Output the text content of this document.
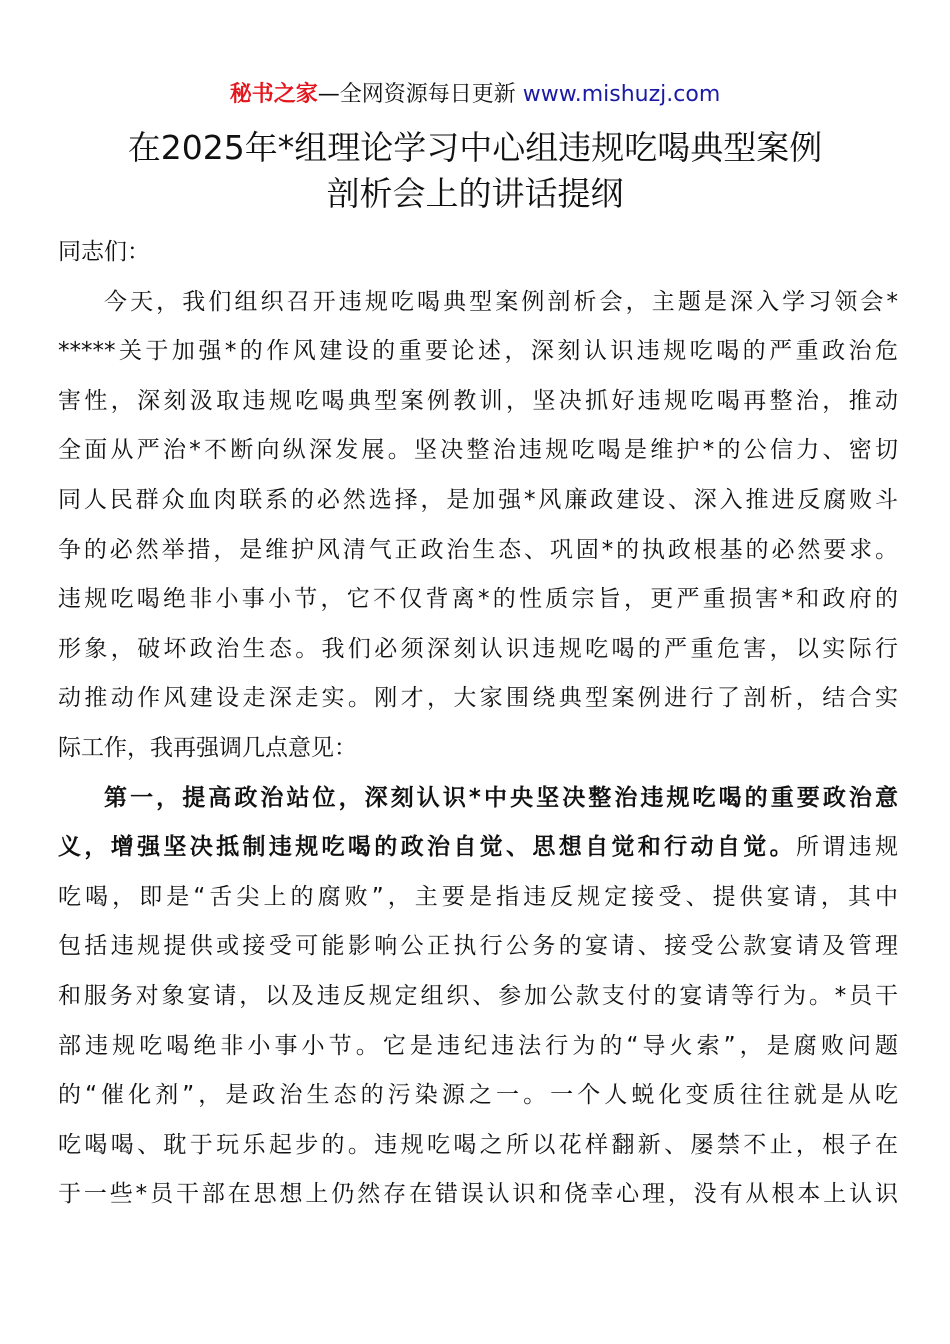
秘书之家—全网资源每日更新 www.mishuzj.com
在2025年*组理论学习中心组违规吃喝典型案例
剖析会上的讲话提纲
同志们：
今天，我们组织召开违规吃喝典型案例剖析会，主题是深入学习领会*
*****关于加强*的作风建设的重要论述，深刻认识违规吃喝的严重政治危
害性，深刻汲取违规吃喝典型案例教训，坚决抓好违规吃喝再整治，推动
全面从严治*不断向纵深发展。坚决整治违规吃喝是维护*的公信力、密切
同人民群众血肉联系的必然选择，是加强*风廉政建设、深入推进反腐败斗
争的必然举措，是维护风清气正政治生态、巩固*的执政根基的必然要求。
违规吃喝绝非小事小节，它不仅背离*的性质宗旨，更严重损害*和政府的
形象，破坏政治生态。我们必须深刻认识违规吃喝的严重危害，以实际行
动推动作风建设走深走实。刚才，大家围绕典型案例进行了剖析，结合实
际工作，我再强调几点意见：
第一，提高政治站位，深刻认识*中央坚决整治违规吃喝的重要政治意
义，增强坚决抵制违规吃喝的政治自觉、思想自觉和行动自觉。所谓违规
吃喝，即是“舌尖上的腐败”，主要是指违反规定接受、提供宴请，其中
包括违规提供或接受可能影响公正执行公务的宴请、接受公款宴请及管理
和服务对象宴请，以及违反规定组织、参加公款支付的宴请等行为。*员干
部违规吃喝绝非小事小节。它是违纪违法行为的“导火索”，是腐败问题
的“催化剂”，是政治生态的污染源之一。一个人蜕化变质往往就是从吃
吃喝喝、耽于玩乐起步的。违规吃喝之所以花样翻新、屡禁不止，根子在
于一些*员干部在思想上仍然存在错误认识和侥幸心理，没有从根本上认识
